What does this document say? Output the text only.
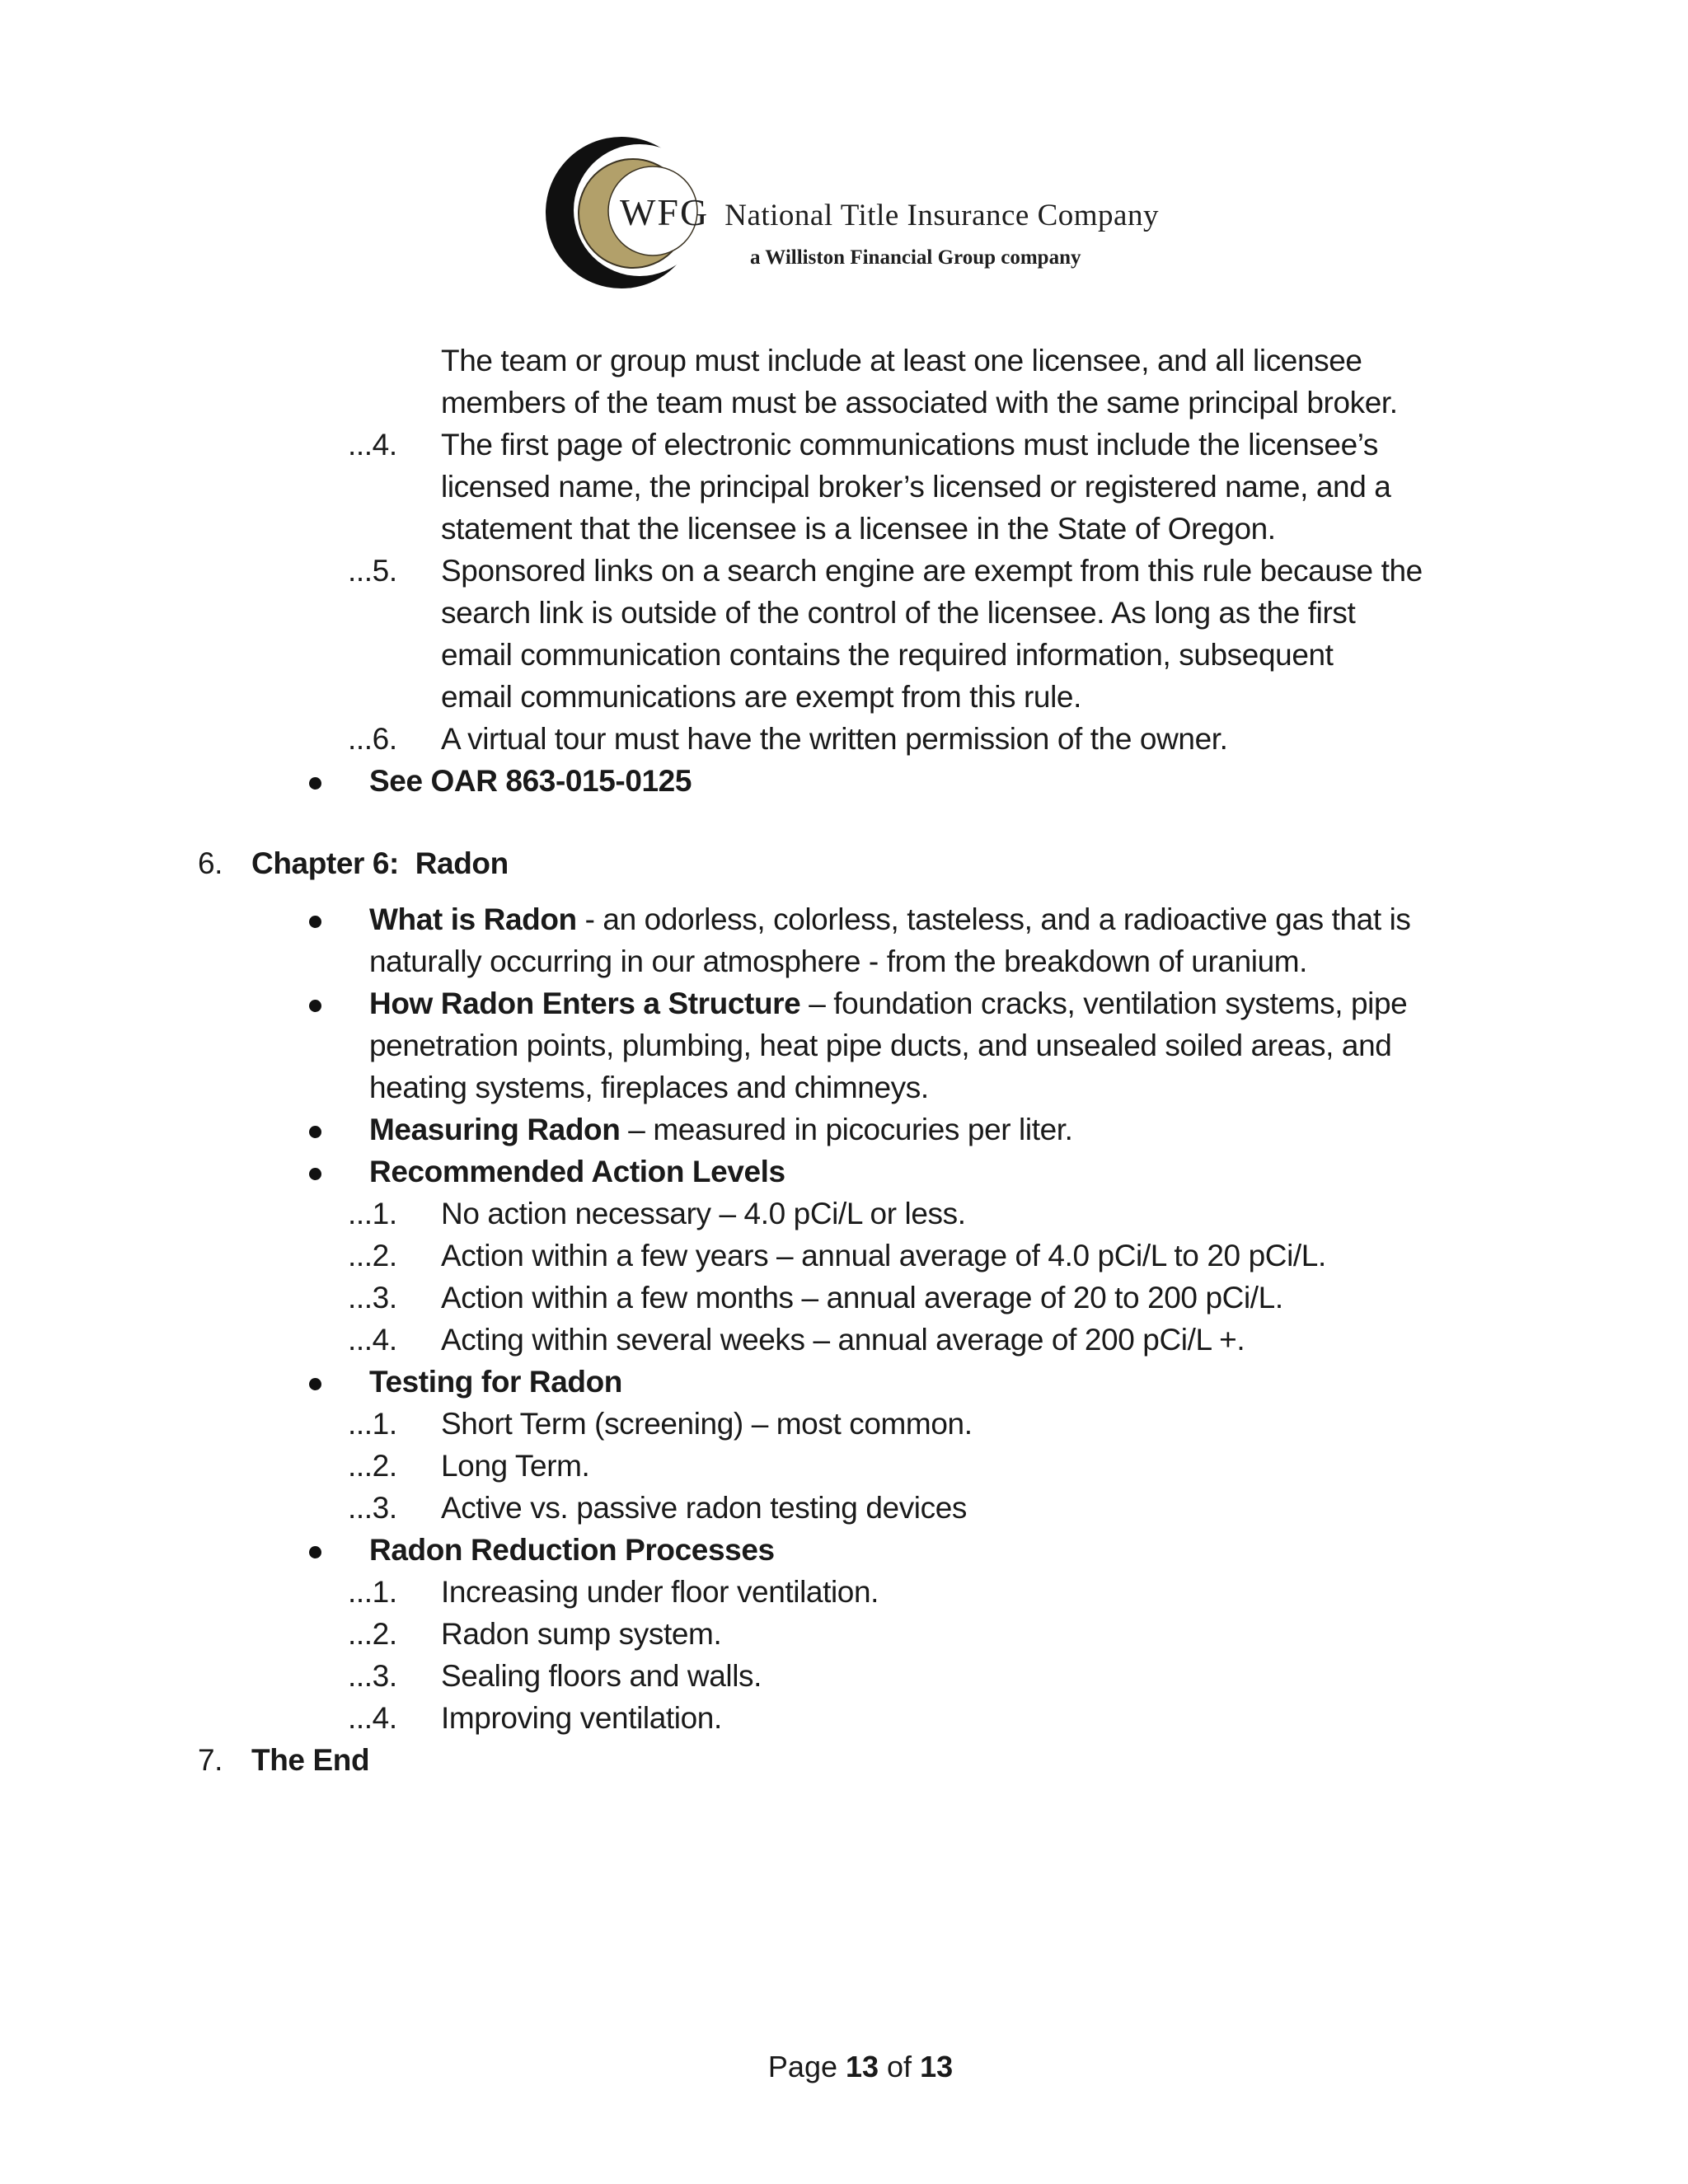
WFG National Title Insurance Company
a Williston Financial Group company
The team or group must include at least one licensee, and all licensee
members of the team must be associated with the same principal broker.
...4. The first page of electronic communications must include the licensee’s
licensed name, the principal broker’s licensed or registered name, and a
statement that the licensee is a licensee in the State of Oregon.
...5. Sponsored links on a search engine are exempt from this rule because the
search link is outside of the control of the licensee. As long as the first
email communication contains the required information, subsequent
email communications are exempt from this rule.
...6. A virtual tour must have the written permission of the owner.
See OAR 863-015-0125
6. Chapter 6:  Radon
What is Radon - an odorless, colorless, tasteless, and a radioactive gas that is
naturally occurring in our atmosphere - from the breakdown of uranium.
How Radon Enters a Structure – foundation cracks, ventilation systems, pipe
penetration points, plumbing, heat pipe ducts, and unsealed soiled areas, and
heating systems, fireplaces and chimneys.
Measuring Radon – measured in picocuries per liter.
Recommended Action Levels
...1. No action necessary – 4.0 pCi/L or less.
...2. Action within a few years – annual average of 4.0 pCi/L to 20 pCi/L.
...3. Action within a few months – annual average of 20 to 200 pCi/L.
...4. Acting within several weeks – annual average of 200 pCi/L +.
Testing for Radon
...1. Short Term (screening) – most common.
...2. Long Term.
...3. Active vs. passive radon testing devices
Radon Reduction Processes
...1. Increasing under floor ventilation.
...2. Radon sump system.
...3. Sealing floors and walls.
...4. Improving ventilation.
7. The End

Page 13 of 13
